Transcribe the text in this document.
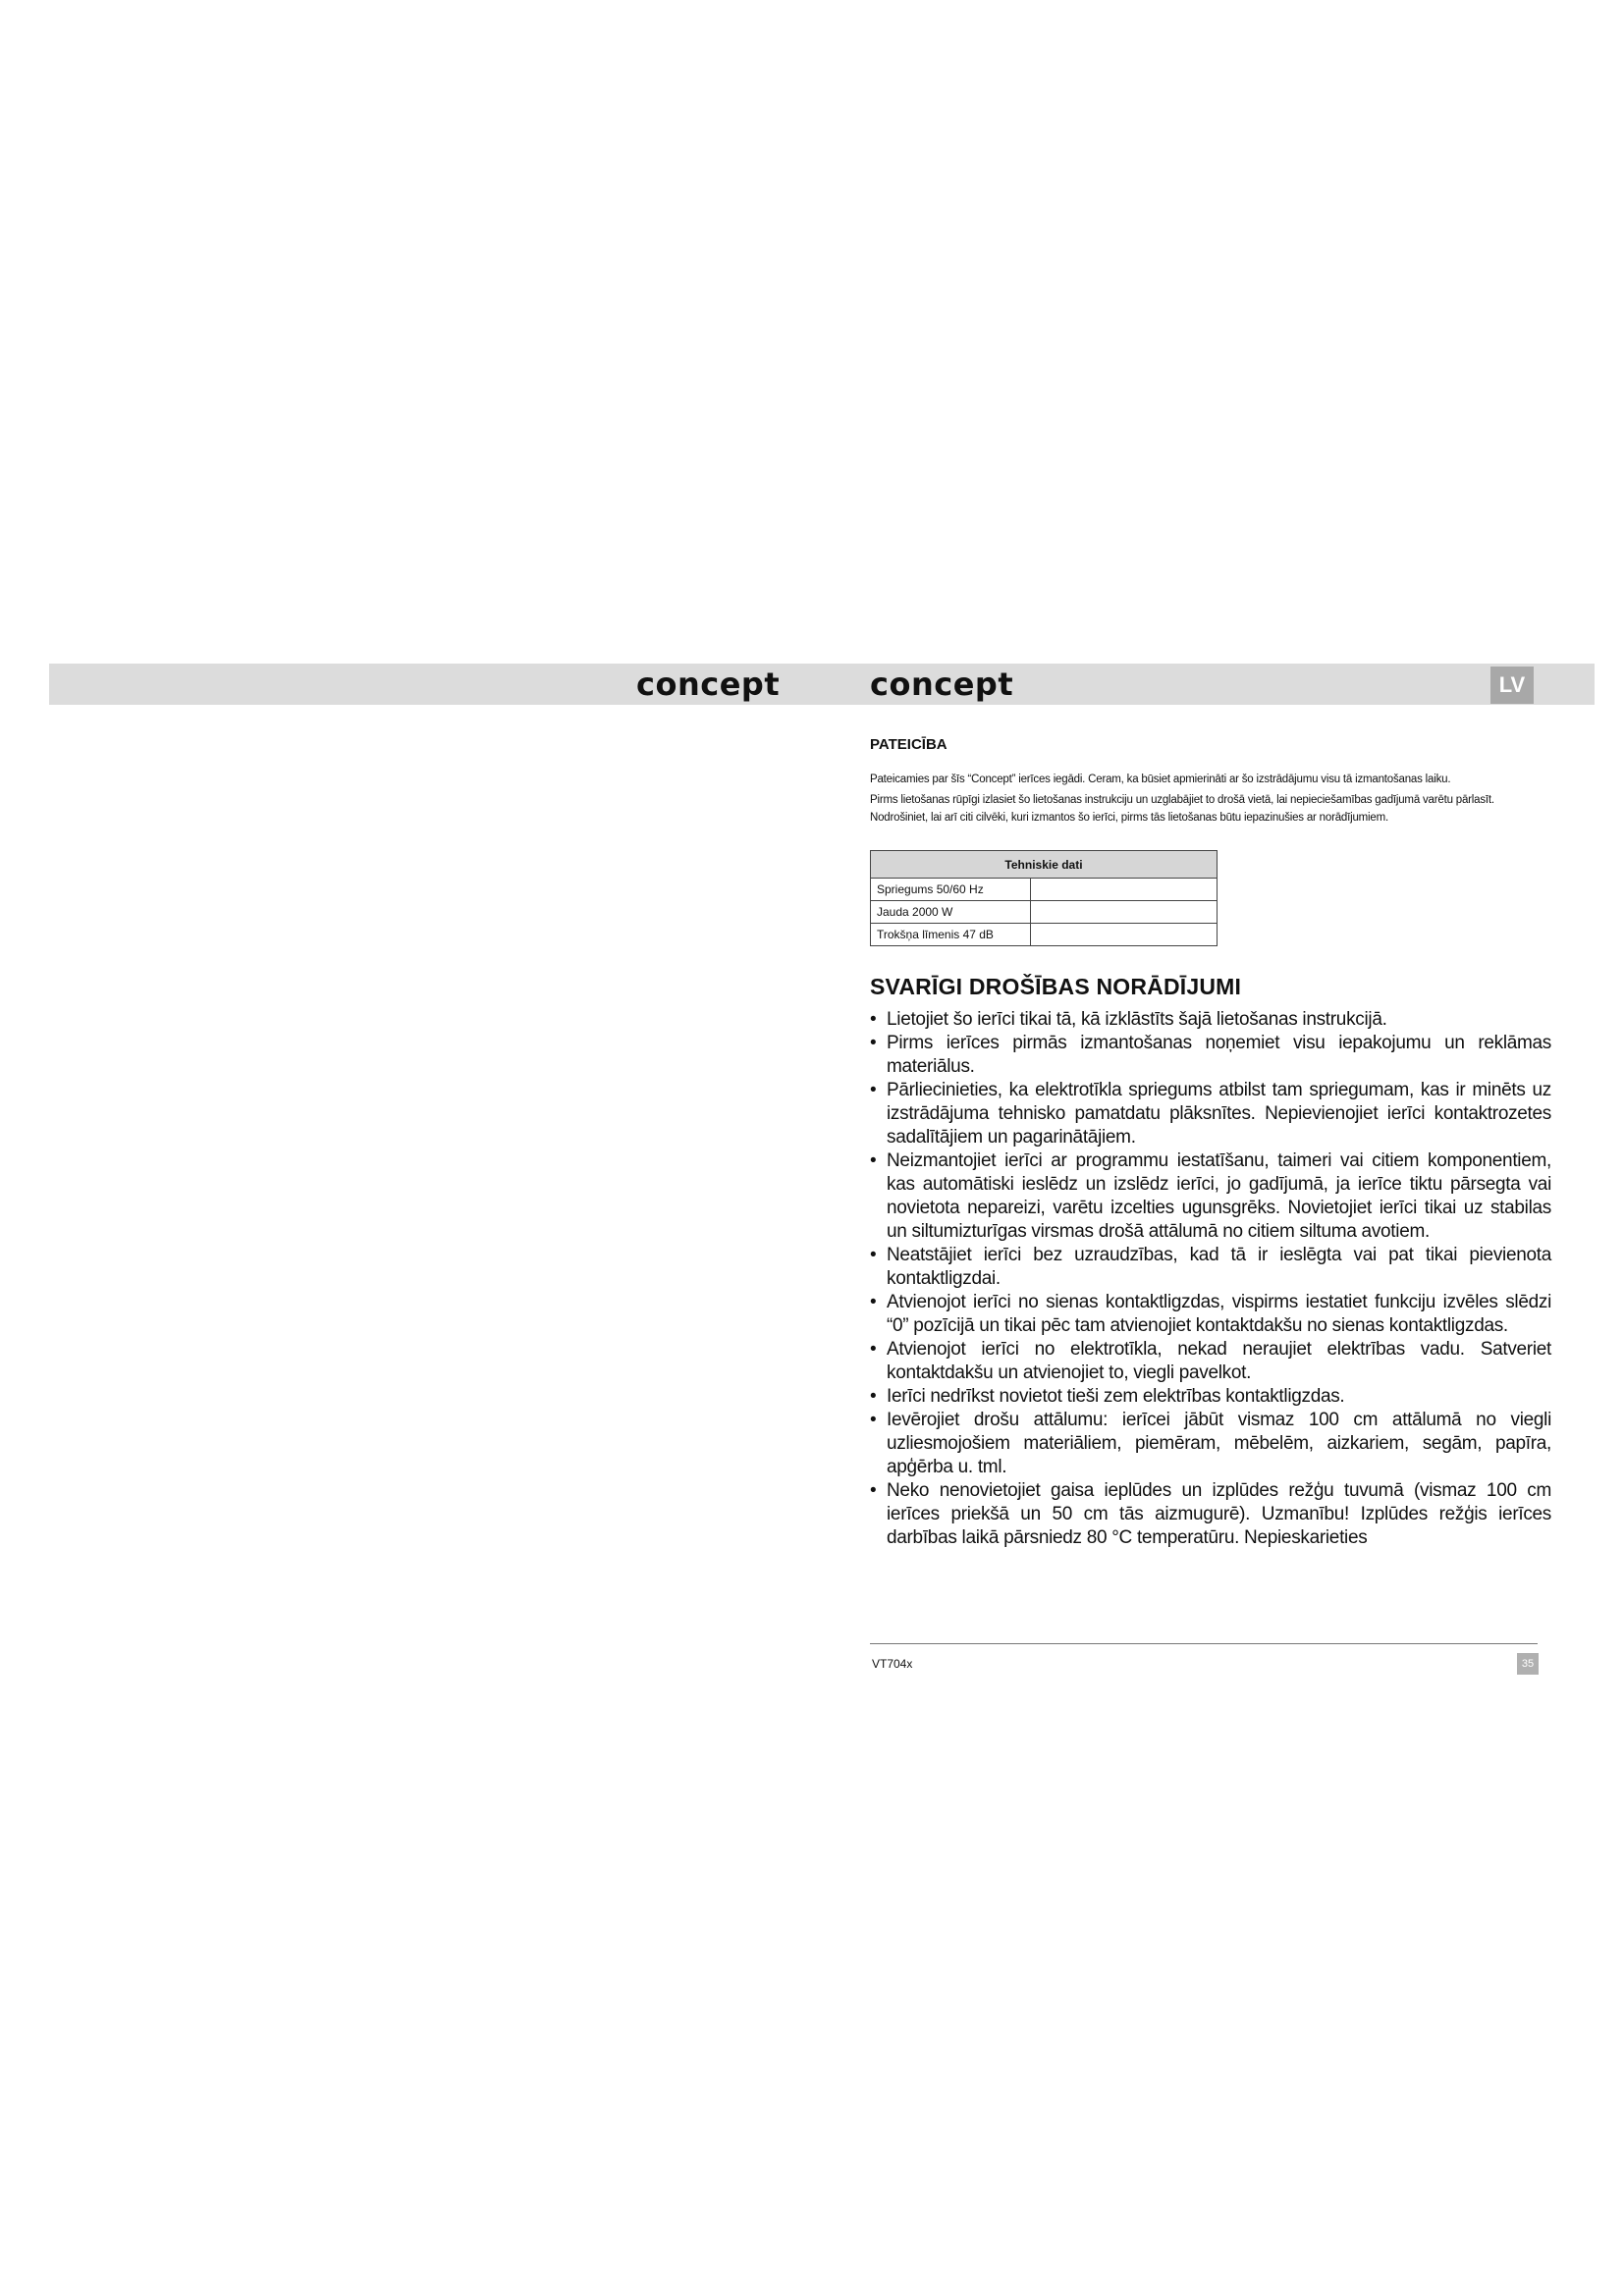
concept	concept	LV
PATEICĪBA

Pateicamies par šīs “Concept” ierīces iegādi. Ceram, ka būsiet apmierināti ar šo izstrādājumu visu tā izmantošanas laiku.

Pirms lietošanas rūpīgi izlasiet šo lietošanas instrukciju un uzglabājiet to drošā vietā, lai nepieciešamības gadījumā varētu pārlasīt. Nodrošiniet, lai arī citi cilvēki, kuri izmantos šo ierīci, pirms tās lietošanas būtu iepazinušies ar norādījumiem.

Tehniskie dati	
Spriegums 50/60 Hz	
Jauda 2000 W	
Trokšņa līmenis 47 dB	
SVARĪGI DROŠĪBAS NORĀDĪJUMI
• Lietojiet šo ierīci tikai tā, kā izklāstīts šajā lietošanas instrukcijā.
• Pirms ierīces pirmās izmantošanas noņemiet visu iepakojumu un reklāmas materiālus.
• Pārliecinieties, ka elektrotīkla spriegums atbilst tam spriegumam, kas ir minēts uz izstrādājuma tehnisko pamatdatu plāksnītes. Nepievienojiet ierīci kontaktrozetes sadalītājiem un pagarinātājiem.
• Neizmantojiet ierīci ar programmu iestatīšanu, taimeri vai citiem komponentiem, kas automātiski ieslēdz un izslēdz ierīci, jo gadījumā, ja ierīce tiktu pārsegta vai novietota nepareizi, varētu izcelties ugunsgrēks. Novietojiet ierīci tikai uz stabilas un siltumizturīgas virsmas drošā attālumā no citiem siltuma avotiem.
• Neatstājiet ierīci bez uzraudzības, kad tā ir ieslēgta vai pat tikai pievienota kontaktligzdai.
• Atvienojot ierīci no sienas kontaktligzdas, vispirms iestatiet funkciju izvēles slēdzi “0” pozīcijā un tikai pēc tam atvienojiet kontaktdakšu no sienas kontaktligzdas.
• Atvienojot ierīci no elektrotīkla, nekad neraujiet elektrības vadu. Satveriet kontaktdakšu un atvienojiet to, viegli pavelkot.
• Ierīci nedrīkst novietot tieši zem elektrības kontaktligzdas.
• Ievērojiet drošu attālumu: ierīcei jābūt vismaz 100 cm attālumā no viegli uzliesmojošiem materiāliem, piemēram, mēbelēm, aizkariem, segām, papīra, apģērba u. tml.
• Neko nenovietojiet gaisa ieplūdes un izplūdes režģu tuvumā (vismaz 100 cm ierīces priekšā un 50 cm tās aizmugurē). Uzmanību! Izplūdes režģis ierīces darbības laikā pārsniedz 80 °C temperatūru. Nepieskarieties
VT704x	35
